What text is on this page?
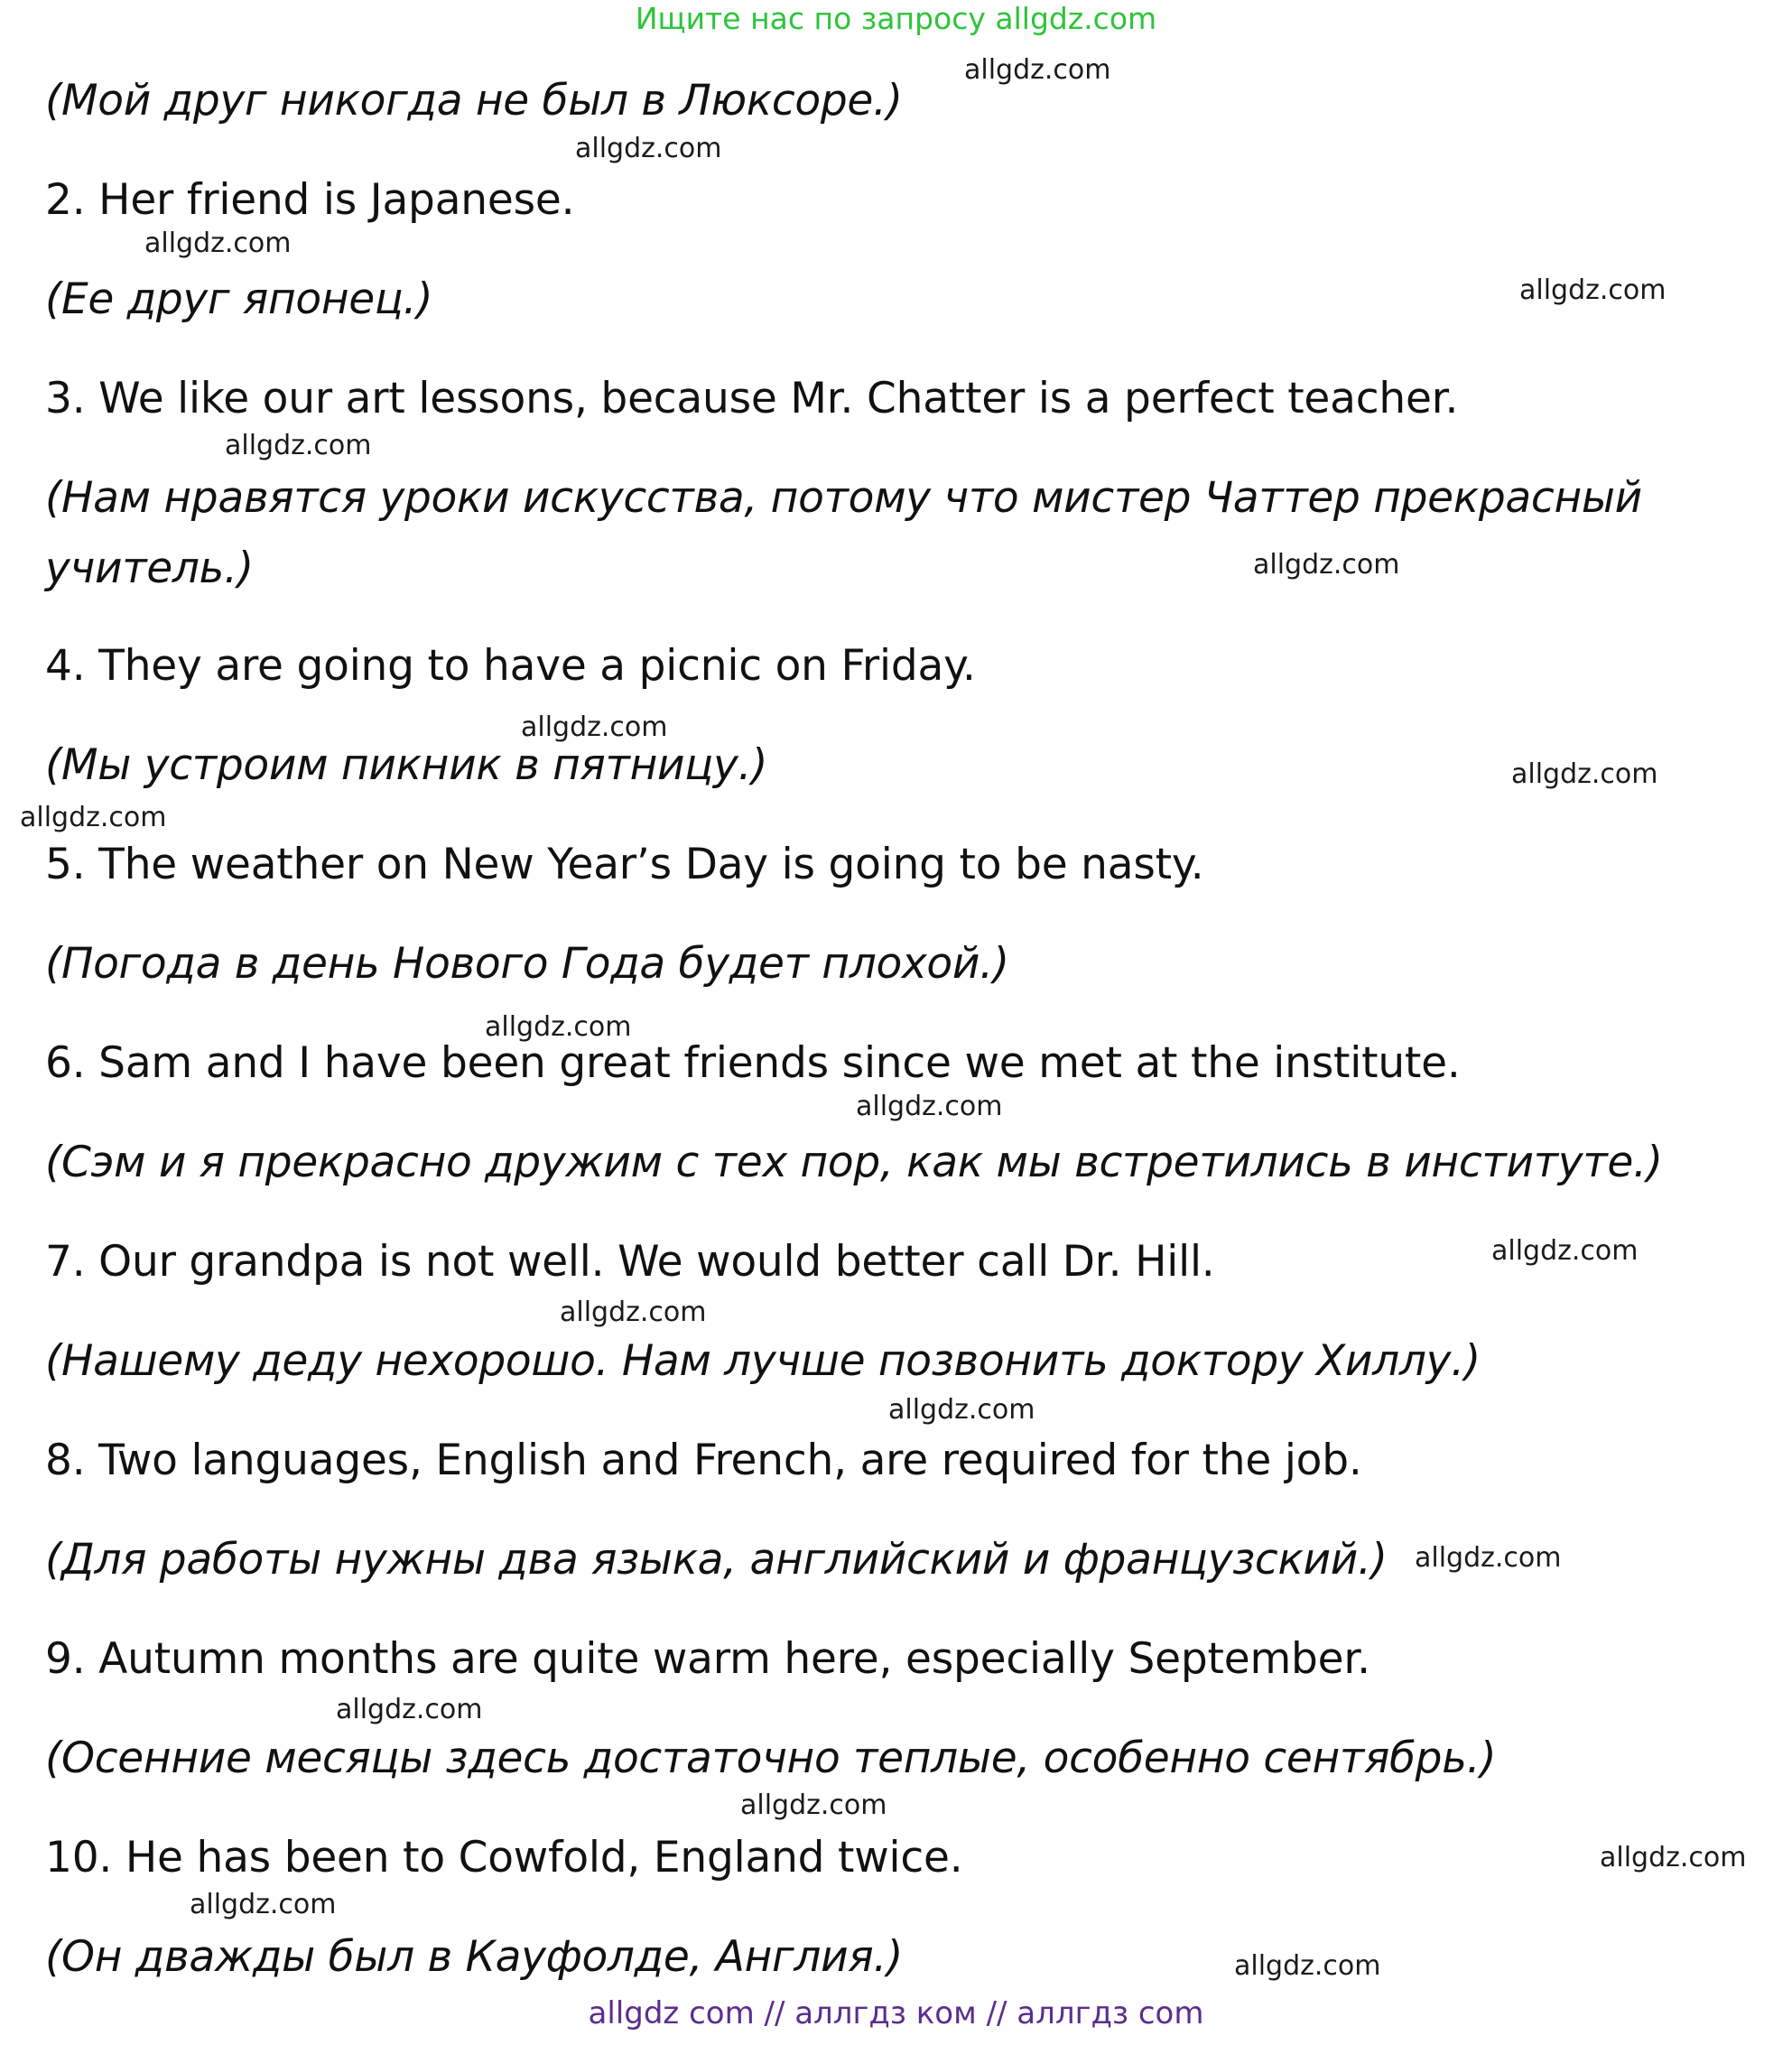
Ищите нас по запросу allgdz.com
(Мой друг никогда не был в Люксоре.)
2. Her friend is Japanese.
(Ее друг японец.)
3. We like our art lessons, because Mr. Chatter is a perfect teacher.
(Нам нравятся уроки искусства, потому что мистер Чаттер прекрасный
учитель.)
4. They are going to have a picnic on Friday.
(Мы устроим пикник в пятницу.)
5. The weather on New Year’s Day is going to be nasty.
(Погода в день Нового Года будет плохой.)
6. Sam and I have been great friends since we met at the institute.
(Сэм и я прекрасно дружим с тех пор, как мы встретились в институте.)
7. Our grandpa is not well. We would better call Dr. Hill.
(Нашему деду нехорошо. Нам лучше позвонить доктору Хиллу.)
8. Two languages, English and French, are required for the job.
(Для работы нужны два языка, английский и французский.)
9. Autumn months are quite warm here, especially September.
(Осенние месяцы здесь достаточно теплые, особенно сентябрь.)
10. He has been to Cowfold, England twice.
(Он дважды был в Кауфолде, Англия.)
allgdz.com
allgdz.com
allgdz.com
allgdz.com
allgdz.com
allgdz.com
allgdz.com
allgdz.com
allgdz.com
allgdz.com
allgdz.com
allgdz.com
allgdz.com
allgdz.com
allgdz.com
allgdz.com
allgdz.com
allgdz.com
allgdz.com
allgdz.com
allgdz com // аллгдз ком // аллгдз com
